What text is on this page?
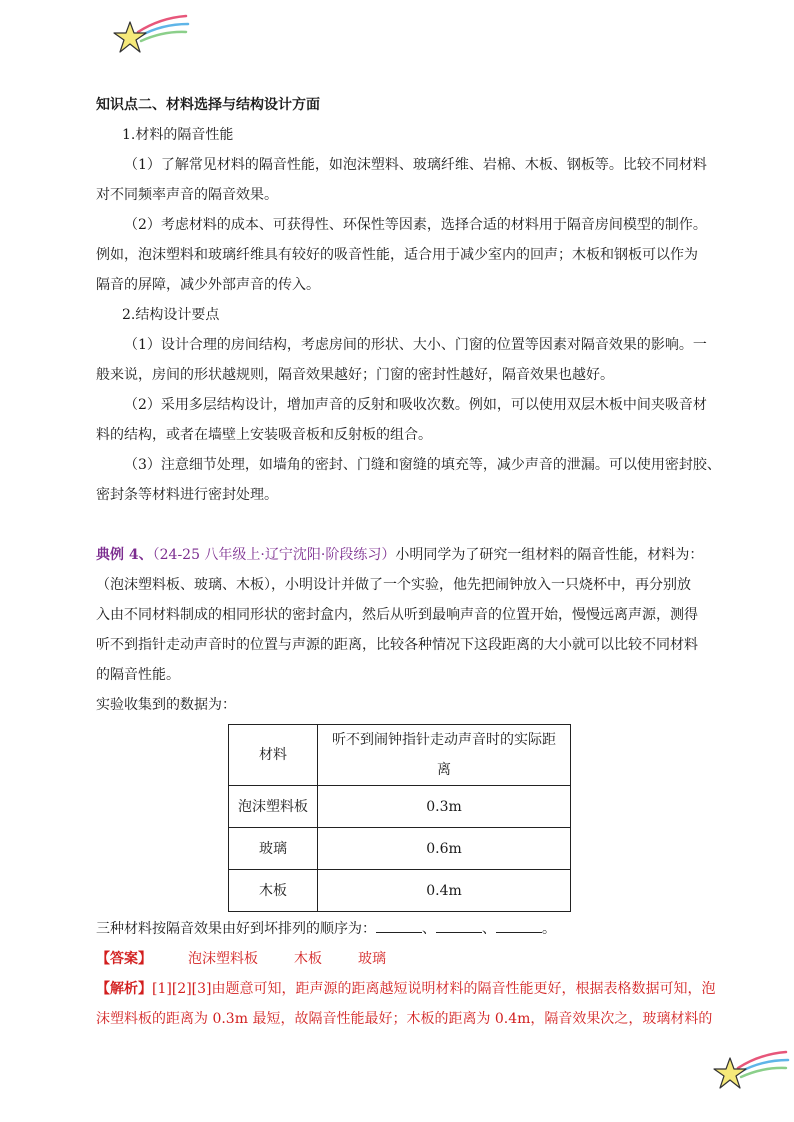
知识点二、材料选择与结构设计方面
1.材料的隔音性能
（1）了解常见材料的隔音性能，如泡沫塑料、玻璃纤维、岩棉、木板、钢板等。比较不同材料
对不同频率声音的隔音效果。
（2）考虑材料的成本、可获得性、环保性等因素，选择合适的材料用于隔音房间模型的制作。
例如，泡沫塑料和玻璃纤维具有较好的吸音性能，适合用于减少室内的回声；木板和钢板可以作为
隔音的屏障，减少外部声音的传入。
2.结构设计要点
（1）设计合理的房间结构，考虑房间的形状、大小、门窗的位置等因素对隔音效果的影响。一
般来说，房间的形状越规则，隔音效果越好；门窗的密封性越好，隔音效果也越好。
（2）采用多层结构设计，增加声音的反射和吸收次数。例如，可以使用双层木板中间夹吸音材
料的结构，或者在墙壁上安装吸音板和反射板的组合。
（3）注意细节处理，如墙角的密封、门缝和窗缝的填充等，减少声音的泄漏。可以使用密封胶、
密封条等材料进行密封处理。
典例 4、（24-25 八年级上·辽宁沈阳·阶段练习）小明同学为了研究一组材料的隔音性能，材料为：
（泡沫塑料板、玻璃、木板），小明设计并做了一个实验，他先把闹钟放入一只烧杯中，再分别放
入由不同材料制成的相同形状的密封盒内，然后从听到最响声音的位置开始，慢慢远离声源，测得
听不到指针走动声音时的位置与声源的距离，比较各种情况下这段距离的大小就可以比较不同材料
的隔音性能。
实验收集到的数据为：
材料	听不到闹钟指针走动声音时的实际距离
泡沫塑料板	0.3m
玻璃	0.6m
木板	0.4m
三种材料按隔音效果由好到坏排列的顺序为：	、	、	。
【答案】	泡沫塑料板	木板	玻璃
【解析】[1][2][3]由题意可知，距声源的距离越短说明材料的隔音性能更好，根据表格数据可知，泡
沫塑料板的距离为 0.3m 最短，故隔音性能最好；木板的距离为 0.4m，隔音效果次之，玻璃材料的
